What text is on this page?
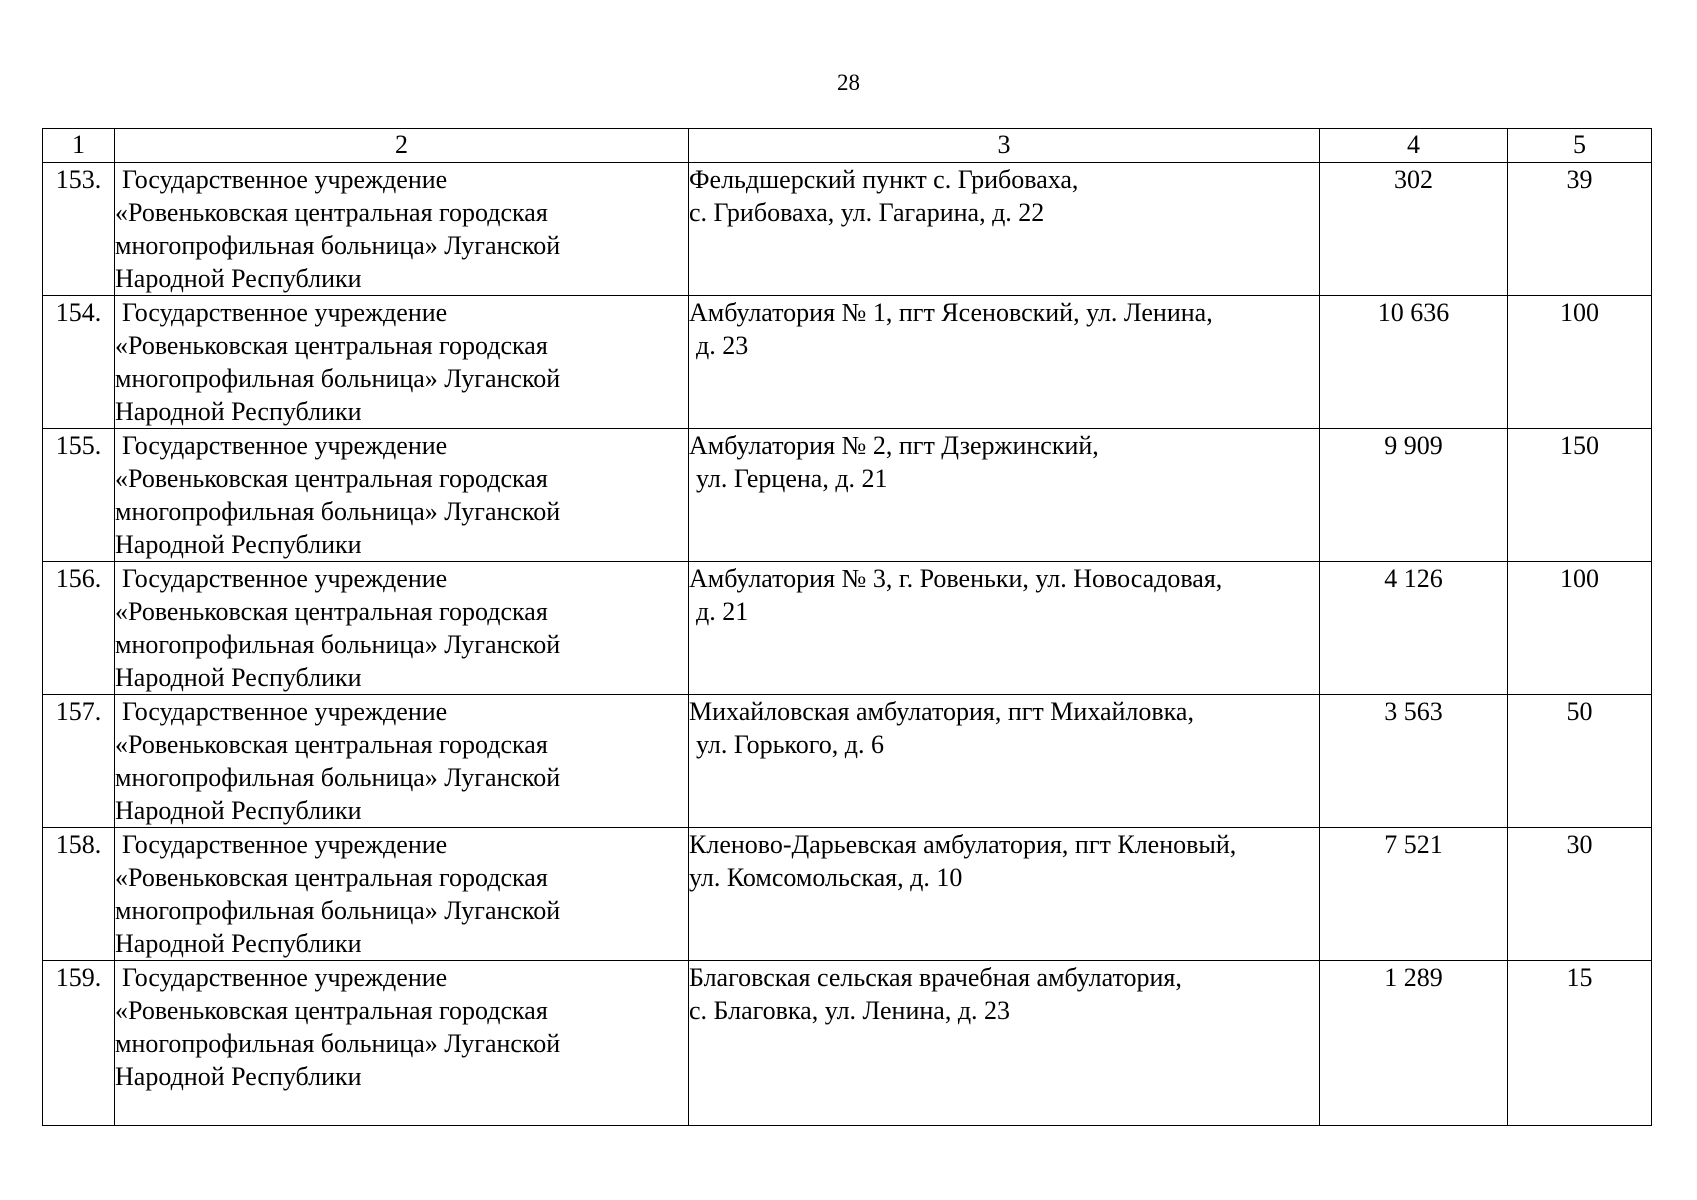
28
1	2	3	4	5
153.	Государственное учреждение
«Ровеньковская центральная городская
многопрофильная больница» Луганской
Народной Республики	Фельдшерский пункт с. Грибоваха,
с. Грибоваха, ул. Гагарина, д. 22	302	39
154.	Государственное учреждение
«Ровеньковская центральная городская
многопрофильная больница» Луганской
Народной Республики	Амбулатория № 1, пгт Ясеновский, ул. Ленина,
д. 23	10 636	100
155.	Государственное учреждение
«Ровеньковская центральная городская
многопрофильная больница» Луганской
Народной Республики	Амбулатория № 2, пгт Дзержинский,
ул. Герцена, д. 21	9 909	150
156.	Государственное учреждение
«Ровеньковская центральная городская
многопрофильная больница» Луганской
Народной Республики	Амбулатория № 3, г. Ровеньки, ул. Новосадовая,
д. 21	4 126	100
157.	Государственное учреждение
«Ровеньковская центральная городская
многопрофильная больница» Луганской
Народной Республики	Михайловская амбулатория, пгт Михайловка,
ул. Горького, д. 6	3 563	50
158.	Государственное учреждение
«Ровеньковская центральная городская
многопрофильная больница» Луганской
Народной Республики	Кленово-Дарьевская амбулатория, пгт Кленовый,
ул. Комсомольская, д. 10	7 521	30
159.	Государственное учреждение
«Ровеньковская центральная городская
многопрофильная больница» Луганской
Народной Республики	Благовская сельская врачебная амбулатория,
с. Благовка, ул. Ленина, д. 23	1 289	15
